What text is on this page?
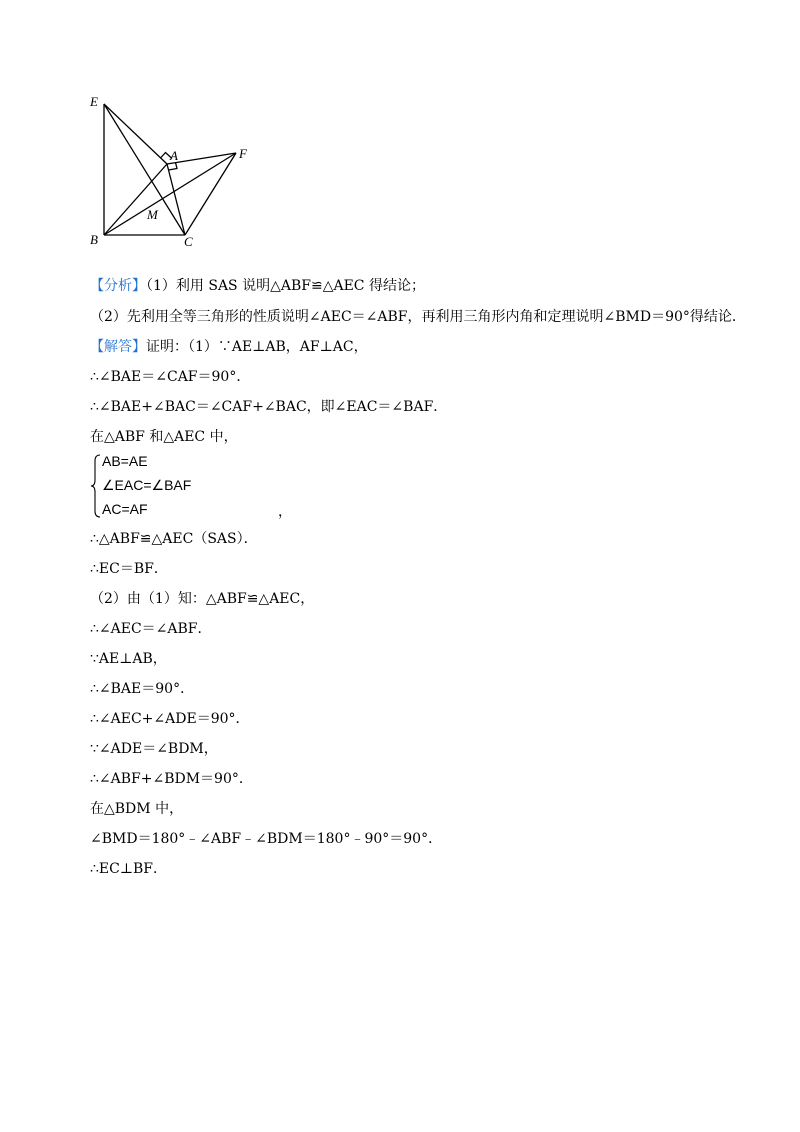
E
A	F
M
B	C
【分析】（1）利用 SAS 说明△ABF≌△AEC 得结论；
（2）先利用全等三角形的性质说明∠AEC＝∠ABF，再利用三角形内角和定理说明∠BMD＝90°得结论．
【解答】证明：（1）∵AE⊥AB，AF⊥AC，
∴∠BAE＝∠CAF＝90°．
∴∠BAE+∠BAC＝∠CAF+∠BAC，即∠EAC＝∠BAF．
在△ABF 和△AEC 中，
AB=AE
∠EAC=∠BAF
AC=AF	，
∴△ABF≌△AEC（SAS）．
∴EC＝BF．
（2）由（1）知：△ABF≌△AEC，
∴∠AEC＝∠ABF．
∵AE⊥AB，
∴∠BAE＝90°．
∴∠AEC+∠ADE＝90°．
∵∠ADE＝∠BDM，
∴∠ABF+∠BDM＝90°．
在△BDM 中，
∠BMD＝180°﹣∠ABF﹣∠BDM＝180°﹣90°＝90°．
∴EC⊥BF．
